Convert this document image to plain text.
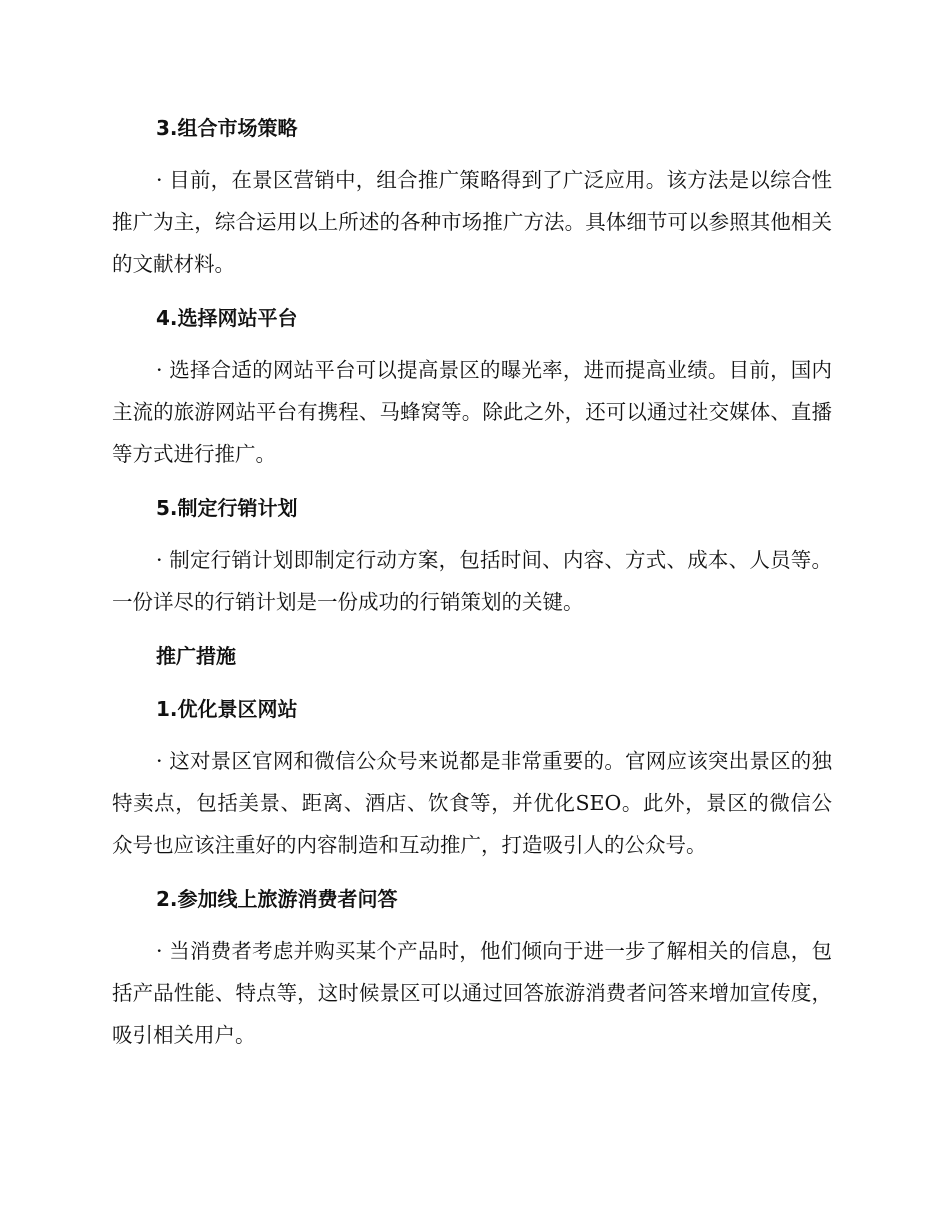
3.组合市场策略

· 目前，在景区营销中，组合推广策略得到了广泛应用。该方法是以综合性推广为主，综合运用以上所述的各种市场推广方法。具体细节可以参照其他相关的文献材料。

4.选择网站平台

· 选择合适的网站平台可以提高景区的曝光率，进而提高业绩。目前，国内主流的旅游网站平台有携程、马蜂窝等。除此之外，还可以通过社交媒体、直播等方式进行推广。

5.制定行销计划

· 制定行销计划即制定行动方案，包括时间、内容、方式、成本、人员等。一份详尽的行销计划是一份成功的行销策划的关键。

推广措施
1.优化景区网站

· 这对景区官网和微信公众号来说都是非常重要的。官网应该突出景区的独特卖点，包括美景、距离、酒店、饮食等，并优化SEO。此外，景区的微信公众号也应该注重好的内容制造和互动推广，打造吸引人的公众号。

2.参加线上旅游消费者问答

· 当消费者考虑并购买某个产品时，他们倾向于进一步了解相关的信息，包括产品性能、特点等，这时候景区可以通过回答旅游消费者问答来增加宣传度，吸引相关用户。
